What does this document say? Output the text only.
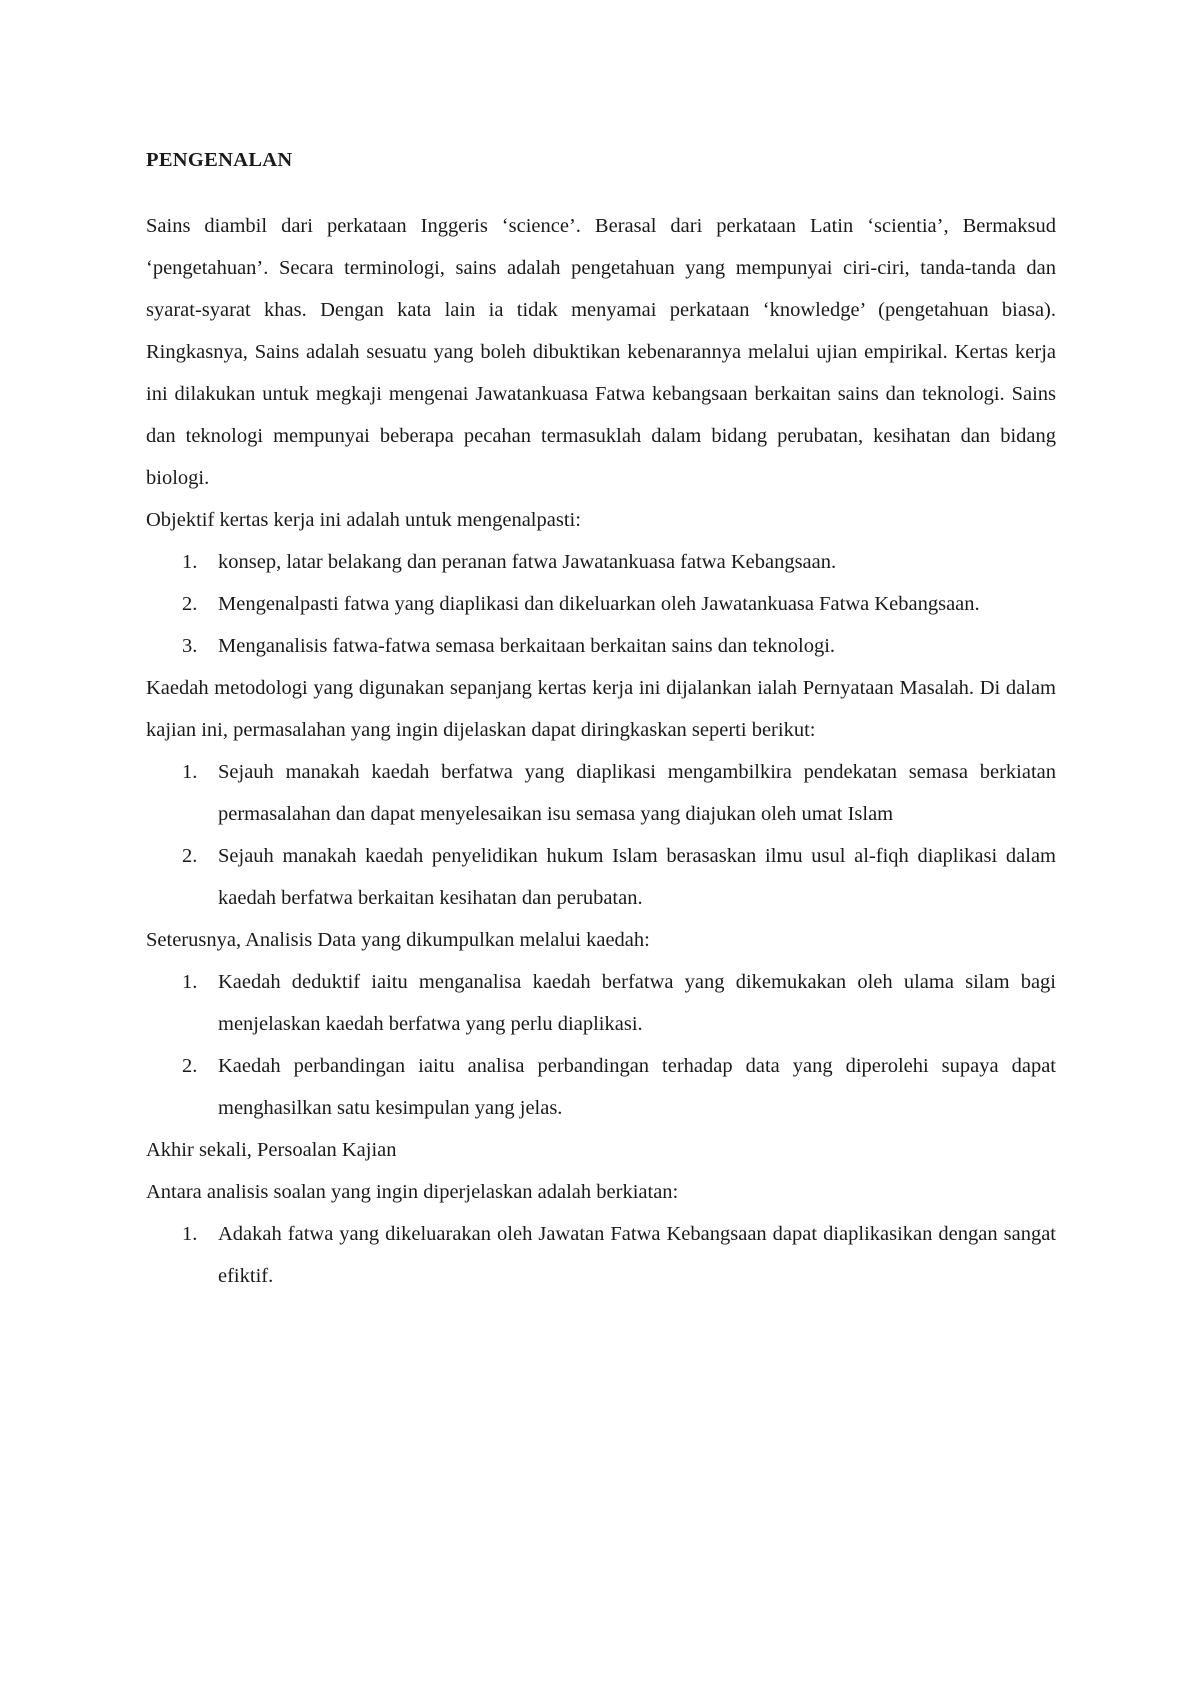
PENGENALAN

Sains diambil dari perkataan Inggeris ‘science’. Berasal dari perkataan Latin ‘scientia’, Bermaksud ‘pengetahuan’. Secara terminologi, sains adalah pengetahuan yang mempunyai ciri-ciri, tanda-tanda dan syarat-syarat khas. Dengan kata lain ia tidak menyamai perkataan ‘knowledge’ (pengetahuan biasa). Ringkasnya, Sains adalah sesuatu yang boleh dibuktikan kebenarannya melalui ujian empirikal. Kertas kerja ini dilakukan untuk megkaji mengenai Jawatankuasa Fatwa kebangsaan berkaitan sains dan teknologi. Sains dan teknologi mempunyai beberapa pecahan termasuklah dalam bidang perubatan, kesihatan dan bidang biologi.

Objektif kertas kerja ini adalah untuk mengenalpasti:

1. konsep, latar belakang dan peranan fatwa Jawatankuasa fatwa Kebangsaan.
2. Mengenalpasti fatwa yang diaplikasi dan dikeluarkan oleh Jawatankuasa Fatwa Kebangsaan.
3. Menganalisis fatwa-fatwa semasa berkaitaan berkaitan sains dan teknologi.

Kaedah metodologi yang digunakan sepanjang kertas kerja ini dijalankan ialah Pernyataan Masalah. Di dalam kajian ini, permasalahan yang ingin dijelaskan dapat diringkaskan seperti berikut:

1. Sejauh manakah kaedah berfatwa yang diaplikasi mengambilkira pendekatan semasa berkiatan permasalahan dan dapat menyelesaikan isu semasa yang diajukan oleh umat Islam
2. Sejauh manakah kaedah penyelidikan hukum Islam berasaskan ilmu usul al-fiqh diaplikasi dalam kaedah berfatwa berkaitan kesihatan dan perubatan.

Seterusnya, Analisis Data yang dikumpulkan melalui kaedah:

1. Kaedah deduktif iaitu menganalisa kaedah berfatwa yang dikemukakan oleh ulama silam bagi menjelaskan kaedah berfatwa yang perlu diaplikasi.
2. Kaedah perbandingan iaitu analisa perbandingan terhadap data yang diperolehi supaya dapat menghasilkan satu kesimpulan yang jelas.

Akhir sekali, Persoalan Kajian

Antara analisis soalan yang ingin diperjelaskan adalah berkiatan:

1. Adakah fatwa yang dikeluarakan oleh Jawatan Fatwa Kebangsaan dapat diaplikasikan dengan sangat efiktif.
